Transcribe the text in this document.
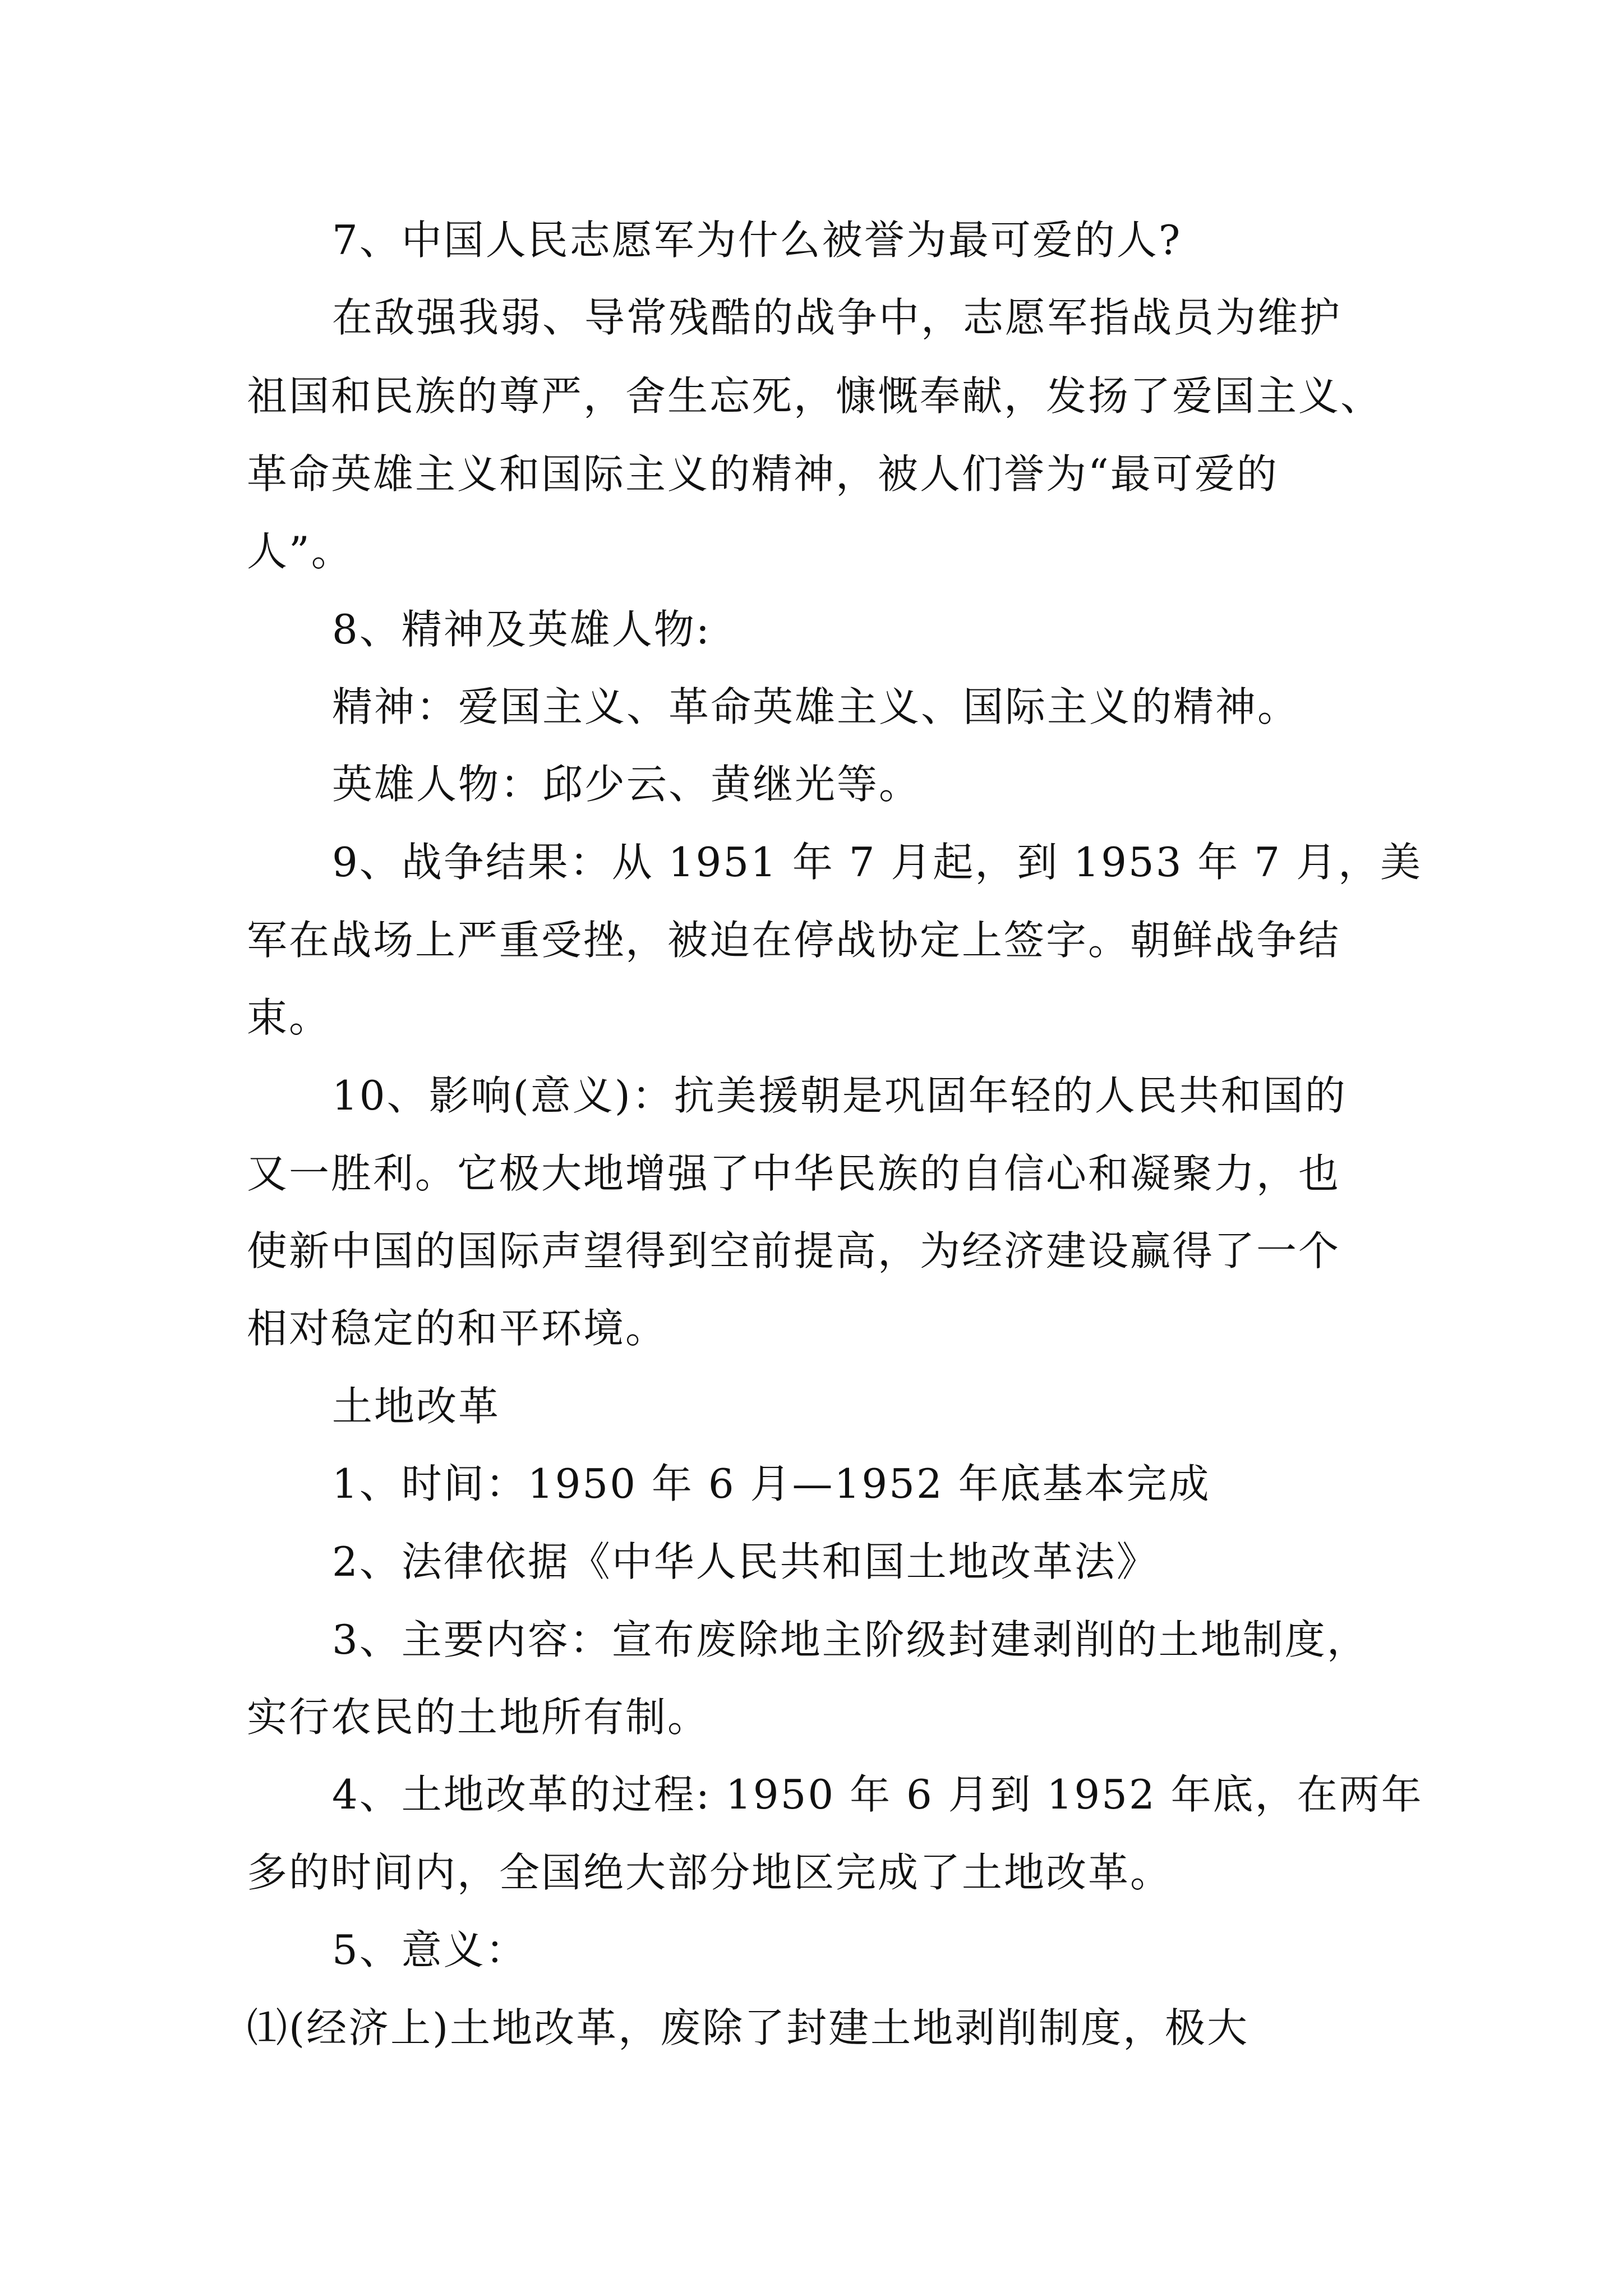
7、中国人民志愿军为什么被誉为最可爱的人?
在敌强我弱、导常残酷的战争中，志愿军指战员为维护
祖国和民族的尊严，舍生忘死，慷慨奉献，发扬了爱国主义、
革命英雄主义和国际主义的精神，被人们誉为“最可爱的
人”。
8、精神及英雄人物:
精神：爱国主义、革命英雄主义、国际主义的精神。
英雄人物：邱少云、黄继光等。
9、战争结果：从 1951 年 7 月起，到 1953 年 7 月，美
军在战场上严重受挫，被迫在停战协定上签字。朝鲜战争结
束。
10、影响(意义)：抗美援朝是巩固年轻的人民共和国的
又一胜利。它极大地增强了中华民族的自信心和凝聚力，也
使新中国的国际声望得到空前提高，为经济建设赢得了一个
相对稳定的和平环境。
土地改革
1、时间：1950 年 6 月—1952 年底基本完成
2、法律依据《中华人民共和国土地改革法》
3、主要内容：宣布废除地主阶级封建剥削的土地制度，
实行农民的土地所有制。
4、土地改革的过程: 1950 年 6 月到 1952 年底，在两年
多的时间内，全国绝大部分地区完成了土地改革。
5、意义：
⑴(经济上)土地改革，废除了封建土地剥削制度，极大
